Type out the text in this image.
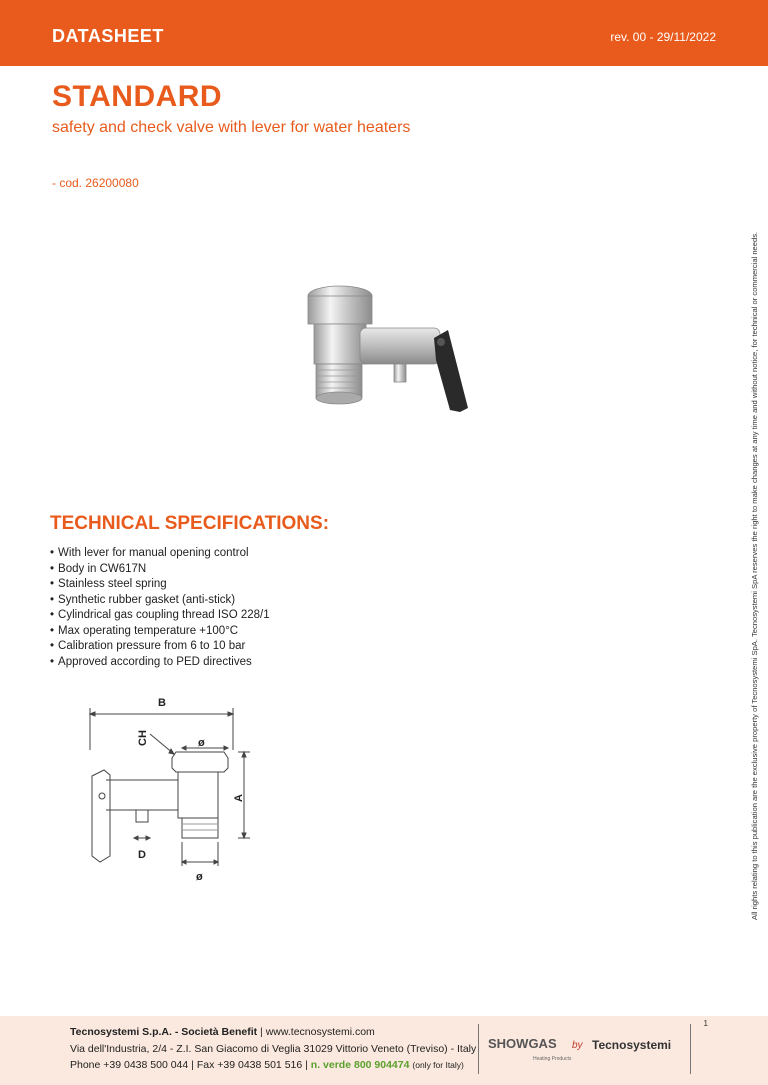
DATASHEET	rev. 00 - 29/11/2022
STANDARD
safety and check valve with lever for water heaters
- cod. 26200080
TECHNICAL SPECIFICATIONS:
• With lever for manual opening control
• Body in CW617N
• Stainless steel spring
• Synthetic rubber gasket (anti-stick)
• Cylindrical gas coupling thread ISO 228/1
• Max operating temperature +100°C
• Calibration pressure from 6 to 10 bar
• Approved according to PED directives
B
CH	ø
A
D
ø	All rights relating to this publication are the exclusive property of Tecnosystemi SpA. Tecnosystemi SpA reserves the right to make changes at any time and without notice, for technical or commercial needs.
Tecnosystemi S.p.A. - Società Benefit | www.tecnosystemi.com
Via dell'Industria, 2/4 - Z.I. San Giacomo di Veglia 31029 Vittorio Veneto (Treviso) - Italy
Phone +39 0438 500 044 | Fax +39 0438 501 516 | n. verde 800 904474 (only for Italy)
SHOWGAS
Heating Products
by Tecnosystemi
1
